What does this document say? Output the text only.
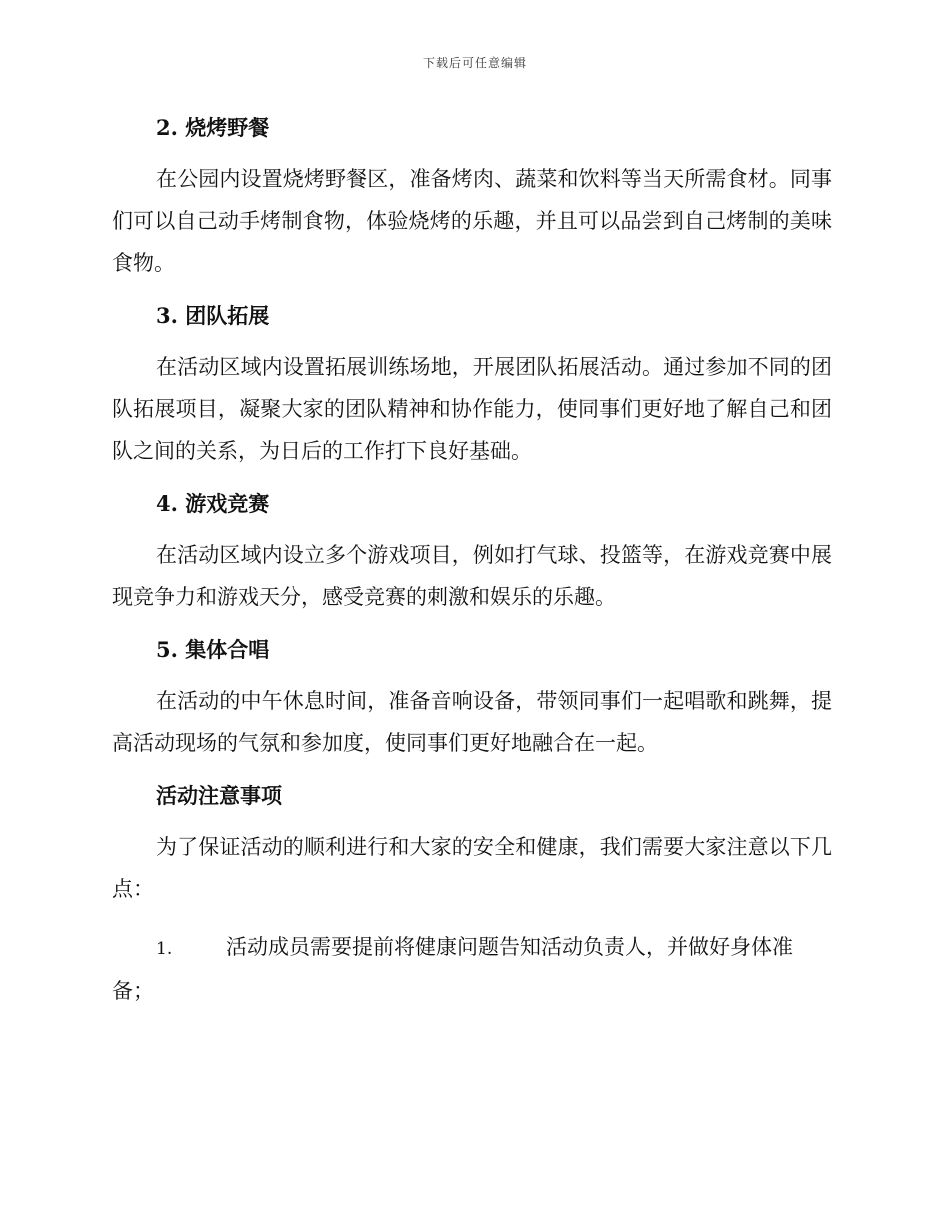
下载后可任意编辑
2. 烧烤野餐

在公园内设置烧烤野餐区，准备烤肉、蔬菜和饮料等当天所需食材。同事们可以自己动手烤制食物，体验烧烤的乐趣，并且可以品尝到自己烤制的美味食物。

3. 团队拓展

在活动区域内设置拓展训练场地，开展团队拓展活动。通过参加不同的团队拓展项目，凝聚大家的团队精神和协作能力，使同事们更好地了解自己和团队之间的关系，为日后的工作打下良好基础。

4. 游戏竞赛

在活动区域内设立多个游戏项目，例如打气球、投篮等，在游戏竞赛中展现竞争力和游戏天分，感受竞赛的刺激和娱乐的乐趣。

5. 集体合唱

在活动的中午休息时间，准备音响设备，带领同事们一起唱歌和跳舞，提高活动现场的气氛和参加度，使同事们更好地融合在一起。

活动注意事项

为了保证活动的顺利进行和大家的安全和健康，我们需要大家注意以下几点：

1.	活动成员需要提前将健康问题告知活动负责人，并做好身体准备；
